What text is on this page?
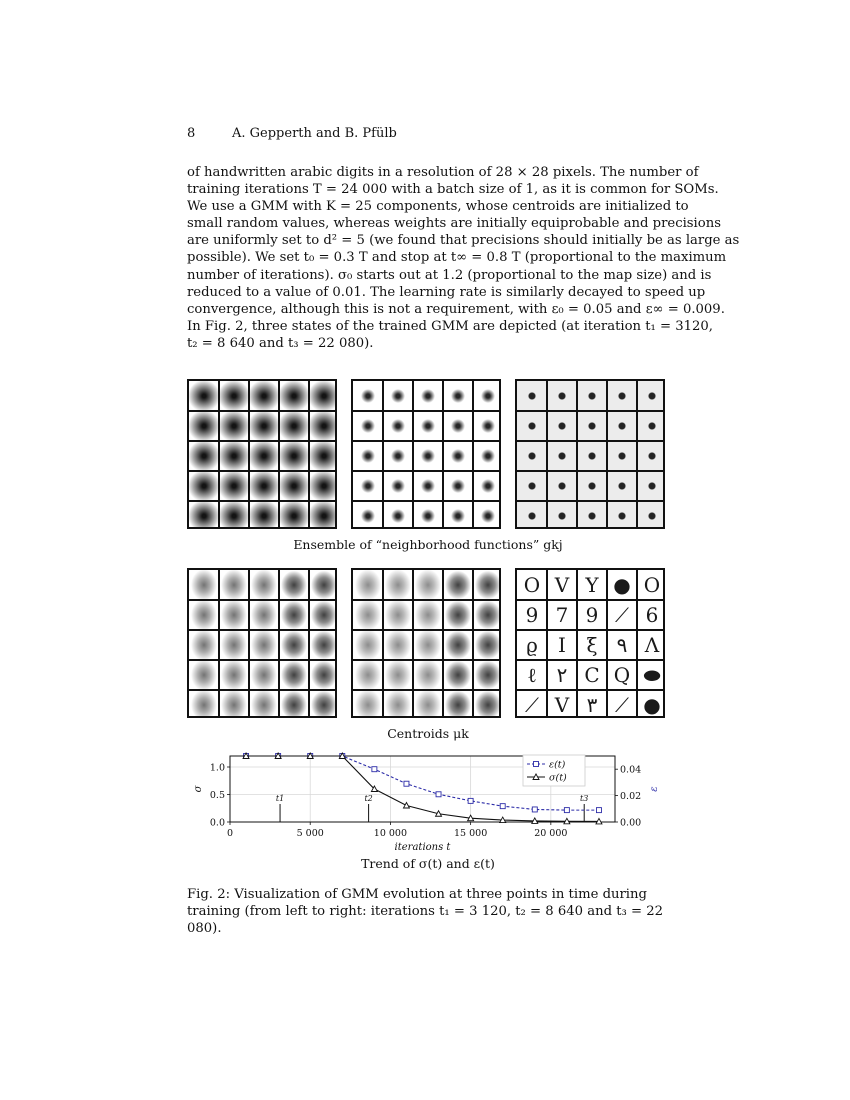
8	A. Gepperth and B. Pfülb
of handwritten arabic digits in a resolution of 28 × 28 pixels. The number of
training iterations T = 24 000 with a batch size of 1, as it is common for SOMs.
We use a GMM with K = 25 components, whose centroids are initialized to
small random values, whereas weights are initially equiprobable and precisions
are uniformly set to d² = 5 (we found that precisions should initially be as large as
possible). We set t₀ = 0.3 T and stop at t∞ = 0.8 T (proportional to the maximum
number of iterations). σ₀ starts out at 1.2 (proportional to the map size) and is
reduced to a value of 0.01. The learning rate is similarly decayed to speed up
convergence, although this is not a requirement, with ε₀ = 0.05 and ε∞ = 0.009.
In Fig. 2, three states of the trained GMM are depicted (at iteration t₁ = 3120,
t₂ = 8 640 and t₃ = 22 080).
Ensemble of “neighborhood functions” gkj
O V Y ● O
9 7 9 ⟋ 6
ϱ	I	ξ ٩ Λ
ℓ ٢ C Q ⬬
⟋ V ٣ ⟋ ●
Centroids μk
0	5 000	10 000	15 000	20 000
0.0
0.5
1.0
0.00
0.02
0.04
iterations t
σ	ε
t1	t2	t3
ε(t)
σ(t)
Trend of σ(t) and ε(t)
Fig. 2: Visualization of GMM evolution at three points in time during training (from left to right: iterations t₁ = 3 120, t₂ = 8 640 and t₃ = 22 080).
